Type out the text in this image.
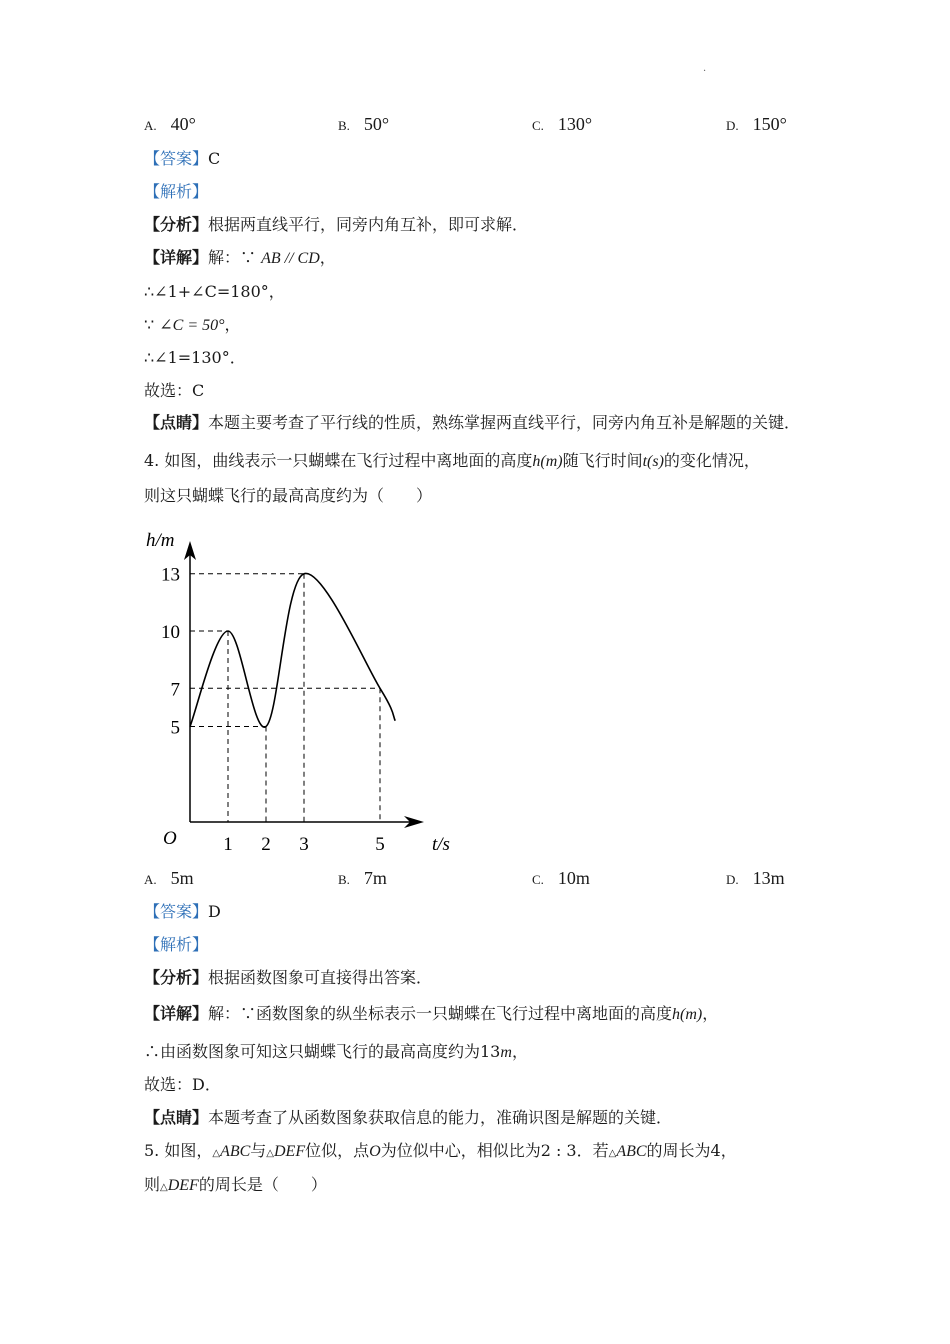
·
A. 40°	B. 50°	C. 130°	D. 150°
【答案】C
【解析】
【分析】根据两直线平行，同旁内角互补，即可求解．
【详解】解：∵ AB // CD，
∴∠1+∠C=180°，
∵ ∠C = 50°，
∴∠1=130°．
故选：C
【点睛】本题主要考查了平行线的性质，熟练掌握两直线平行，同旁内角互补是解题的关键．
4. 如图，曲线表示一只蝴蝶在飞行过程中离地面的高度h(m)随飞行时间t(s)的变化情况，
则这只蝴蝶飞行的最高高度约为（　　）
h/m
t/s
O
13
10
7
5
1 2 3	5
A. 5m	B. 7m	C. 10m	D. 13m
【答案】D
【解析】
【分析】根据函数图象可直接得出答案．
【详解】解：∵函数图象的纵坐标表示一只蝴蝶在飞行过程中离地面的高度h(m)，
∴由函数图象可知这只蝴蝶飞行的最高高度约为13m，
故选：D．
【点睛】本题考查了从函数图象获取信息的能力，准确识图是解题的关键．
5. 如图，△ABC与△DEF位似，点O为位似中心，相似比为2 : 3．若△ABC的周长为4，
则△DEF的周长是（　　）
